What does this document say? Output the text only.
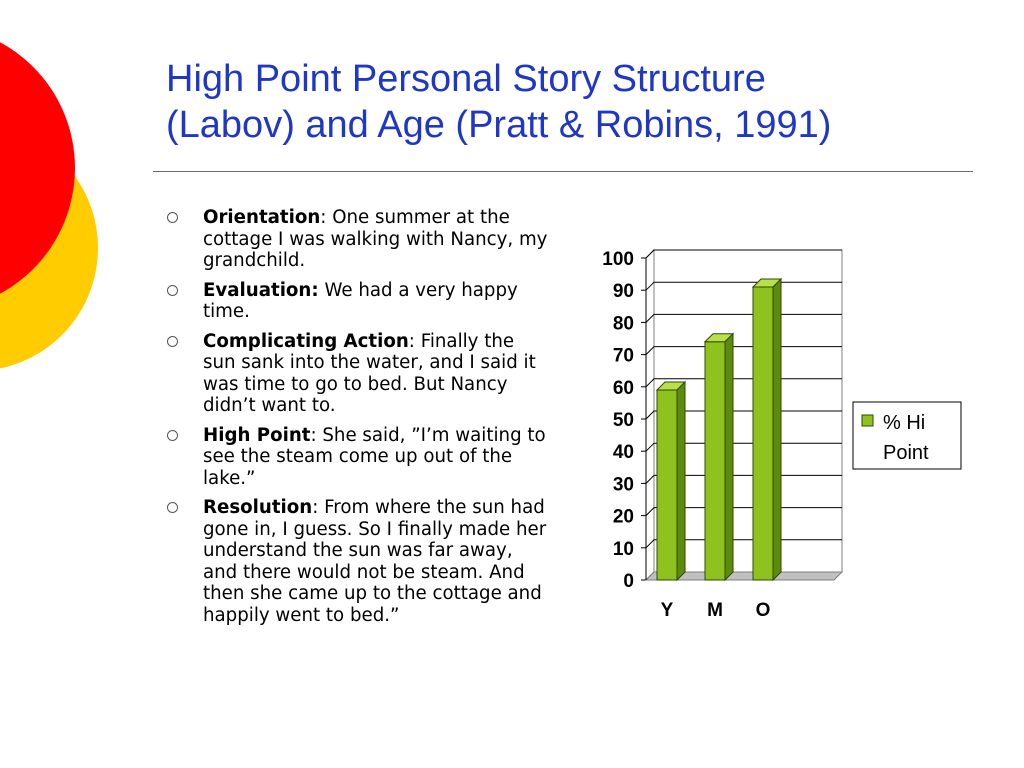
High Point Personal Story Structure
(Labov) and Age (Pratt & Robins, 1991)
Orientation: One summer at the cottage I was walking with Nancy, my grandchild.
Evaluation: We had a very happy time.
Complicating Action: Finally the sun sank into the water, and I said it was time to go to bed. But Nancy didn’t want to.
High Point: She said, ”I’m waiting to see the steam come up out of the lake.”
Resolution: From where the sun had gone in, I guess. So I finally made her understand the sun was far away, and there would not be steam. And then she came up to the cottage and happily went to bed.”
0
10
20
30
40
50
60
70
80
90
100
Y M O
% Hi
Point
